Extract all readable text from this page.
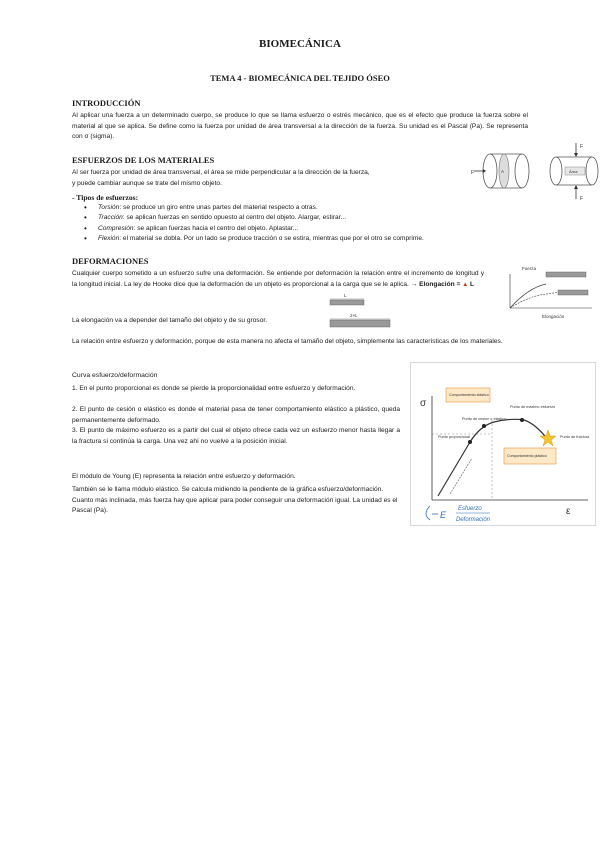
BIOMECÁNICA
TEMA 4 - BIOMECÁNICA DEL TEJIDO ÓSEO
INTRODUCCIÓN
Al aplicar una fuerza a un determinado cuerpo, se produce lo que se llama esfuerzo o estrés mecánico, que es el efecto que produce la fuerza sobre el material al que se aplica. Se define como la fuerza por unidad de área transversal a la dirección de la fuerza. Su unidad es el Pascal (Pa). Se representa con σ (sigma).
ESFUERZOS DE LOS MATERIALES
Al ser fuerza por unidad de área transversal, el área se mide perpendicular a la dirección de la fuerza,
y puede cambiar aunque se trate del mismo objeto.
- Tipos de esfuerzos:
F	A	Área
F
F
• Torsión: se produce un giro entre unas partes del material respecto a otras.
• Tracción: se aplican fuerzas en sentido opuesto al centro del objeto. Alargar, estirar...
• Compresión: se aplican fuerzas hacia el centro del objeto. Aplastar...
• Flexión: el material se dobla. Por un lado se produce tracción o se estira, mientras que por el otro se comprime.
DEFORMACIONES
Cualquier cuerpo sometido a un esfuerzo sufre una deformación. Se entiende por deformación la relación entre el incremento de longitud y la longitud inicial. La ley de Hooke dice que la deformación de un objeto es proporcional a la carga que se le aplica. → Elongación = ▲ L
Fuerza
Elongación
L
2×L
La elongación va a depender del tamaño del objeto y de su grosor.
La relación entre esfuerzo y deformación, porque de esta manera no afecta el tamaño del objeto, simplemente las características de los materiales.
Curva esfuerzo/deformación
1. En el punto proporcional es donde se pierde la proporcionalidad entre esfuerzo y deformación.
2. El punto de cesión o elástico es donde el material pasa de tener comportamiento elástico a plástico, queda permanentemente deformado.
3. El punto de máximo esfuerzo es a partir del cual el objeto ofrece cada vez un esfuerzo menor hasta llegar a la fractura si continúa la carga. Una vez ahí no vuelve a la posición inicial.
El módulo de Young (E) representa la relación entre esfuerzo y deformación.
También se le llama módulo elástico. Se calcula midiendo la pendiente de la gráfica esfuerzo/deformación. Cuanto más inclinada, más fuerza hay que aplicar para poder conseguir una deformación igual. La unidad es el Pascal (Pa).
σ
ε
Punto proporcional
Punto de cesión o elástico
Punto de máximo esfuerzo
Punto de fractura
Comportamiento elástico
Comportamiento plástico
E
Esfuerzo
Deformación
